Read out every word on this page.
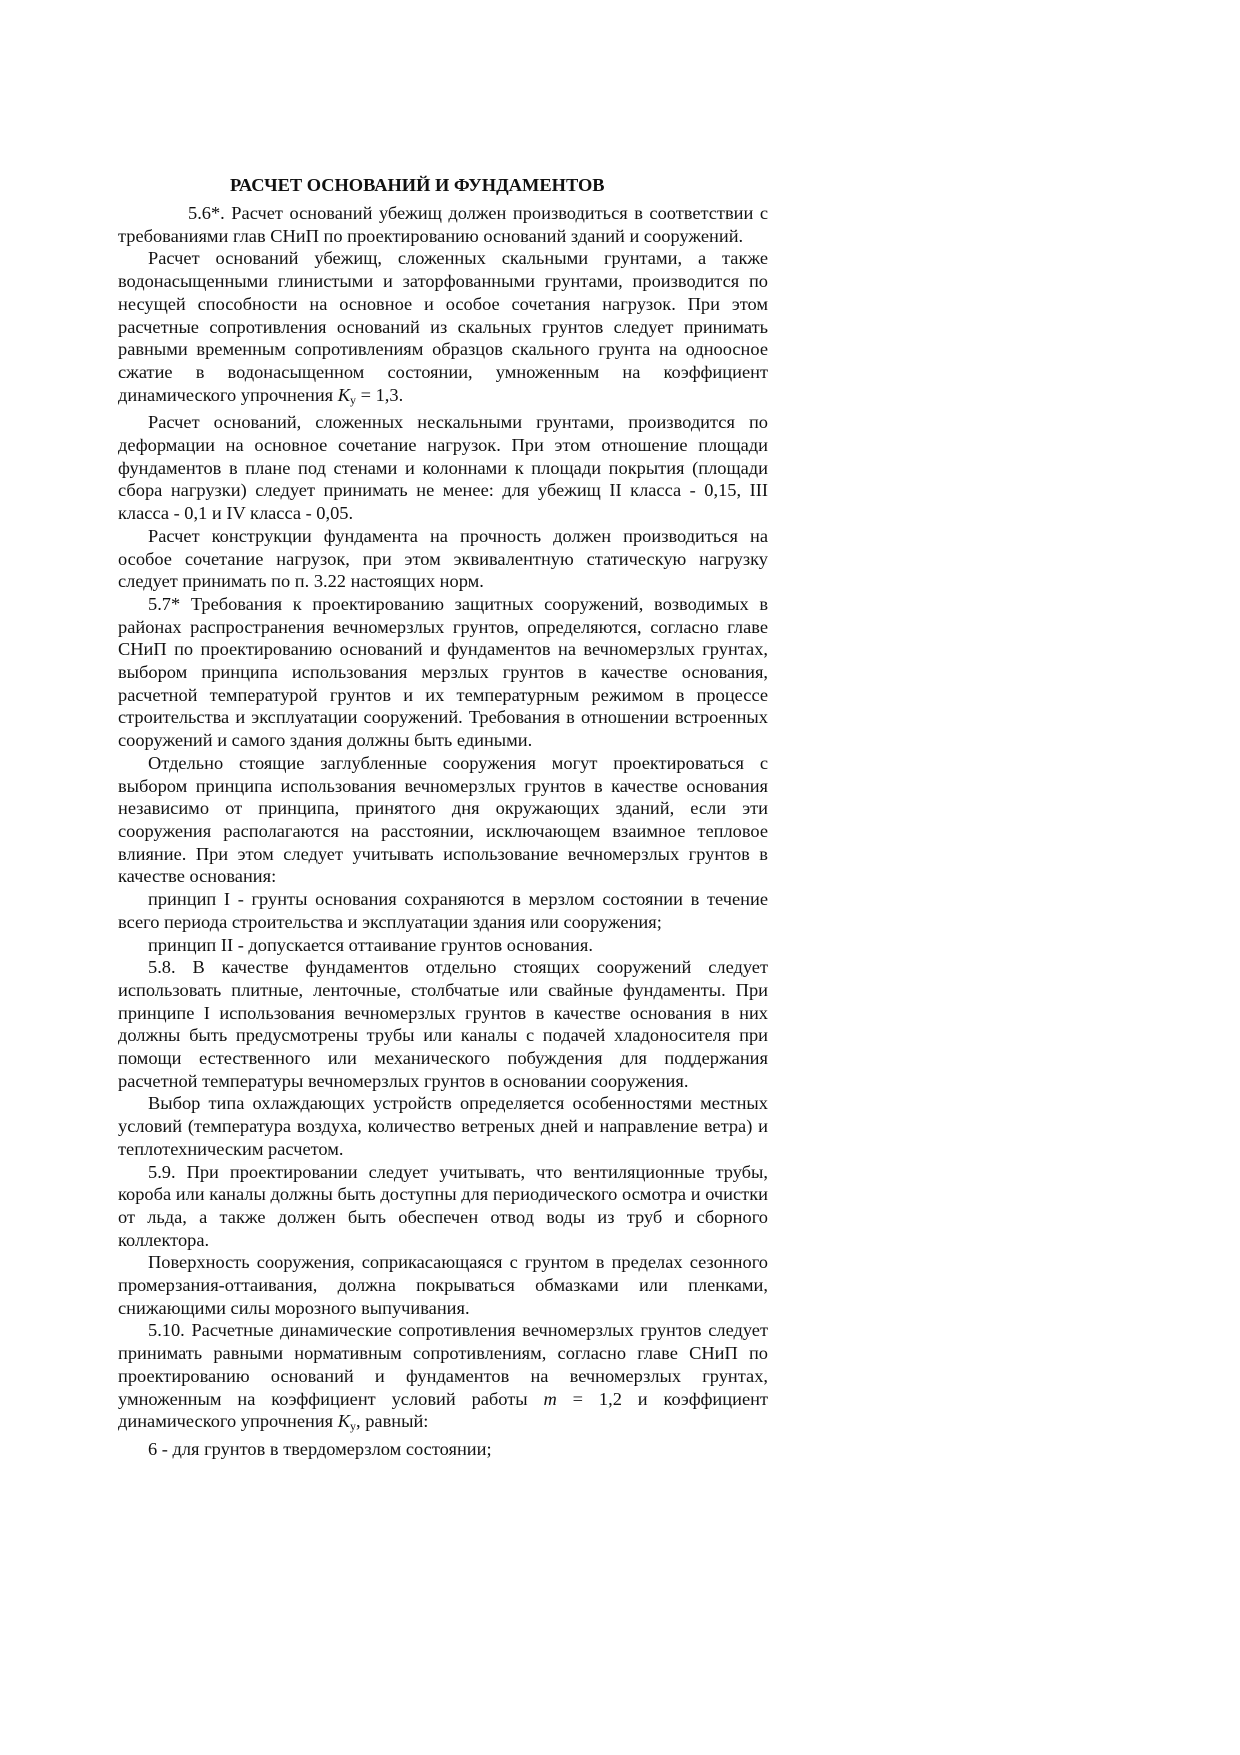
РАСЧЕТ ОСНОВАНИЙ И ФУНДАМЕНТОВ

5.6*. Расчет оснований убежищ должен производиться в соответствии с требованиями глав СНиП по проектированию оснований зданий и сооружений.

Расчет оснований убежищ, сложенных скальными грунтами, а также водонасыщенными глинистыми и заторфованными грунтами, производится по несущей способности на основное и особое сочетания нагрузок. При этом расчетные сопротивления оснований из скальных грунтов следует принимать равными временным сопротивлениям образцов скального грунта на одноосное сжатие в водонасыщенном состоянии, умноженным на коэффициент динамического упрочнения $K_у = 1,3$.

Расчет оснований, сложенных нескальными грунтами, производится по деформации на основное сочетание нагрузок. При этом отношение площади фундаментов в плане под стенами и колоннами к площади покрытия (площади сбора нагрузки) следует принимать не менее: для убежищ II класса - 0,15, III класса - 0,1 и IV класса - 0,05.

Расчет конструкции фундамента на прочность должен производиться на особое сочетание нагрузок, при этом эквивалентную статическую нагрузку следует принимать по п. 3.22 настоящих норм.

5.7* Требования к проектированию защитных сооружений, возводимых в районах распространения вечномерзлых грунтов, определяются, согласно главе СНиП по проектированию оснований и фундаментов на вечномерзлых грунтах, выбором принципа использования мерзлых грунтов в качестве основания, расчетной температурой грунтов и их температурным режимом в процессе строительства и эксплуатации сооружений. Требования в отношении встроенных сооружений и самого здания должны быть едиными.

Отдельно стоящие заглубленные сооружения могут проектироваться с выбором принципа использования вечномерзлых грунтов в качестве основания независимо от принципа, принятого дня окружающих зданий, если эти сооружения располагаются на расстоянии, исключающем взаимное тепловое влияние. При этом следует учитывать использование вечномерзлых грунтов в качестве основания:

принцип I - грунты основания сохраняются в мерзлом состоянии в течение всего периода строительства и эксплуатации здания или сооружения;

принцип II - допускается оттаивание грунтов основания.

5.8. В качестве фундаментов отдельно стоящих сооружений следует использовать плитные, ленточные, столбчатые или свайные фундаменты. При принципе I использования вечномерзлых грунтов в качестве основания в них должны быть предусмотрены трубы или каналы с подачей хладоносителя при помощи естественного или механического побуждения для поддержания расчетной температуры вечномерзлых грунтов в основании сооружения.

Выбор типа охлаждающих устройств определяется особенностями местных условий (температура воздуха, количество ветреных дней и направление ветра) и теплотехническим расчетом.

5.9. При проектировании следует учитывать, что вентиляционные трубы, короба или каналы должны быть доступны для периодического осмотра и очистки от льда, а также должен быть обеспечен отвод воды из труб и сборного коллектора.

Поверхность сооружения, соприкасающаяся с грунтом в пределах сезонного промерзания-оттаивания, должна покрываться обмазками или пленками, снижающими силы морозного выпучивания.

5.10. Расчетные динамические сопротивления вечномерзлых грунтов следует принимать равными нормативным сопротивлениям, согласно главе СНиП по проектированию оснований и фундаментов на вечномерзлых грунтах, умноженным на коэффициент условий работы m = 1,2 и коэффициент динамического упрочнения $K_у$, равный:

6 - для грунтов в твердомерзлом состоянии;
